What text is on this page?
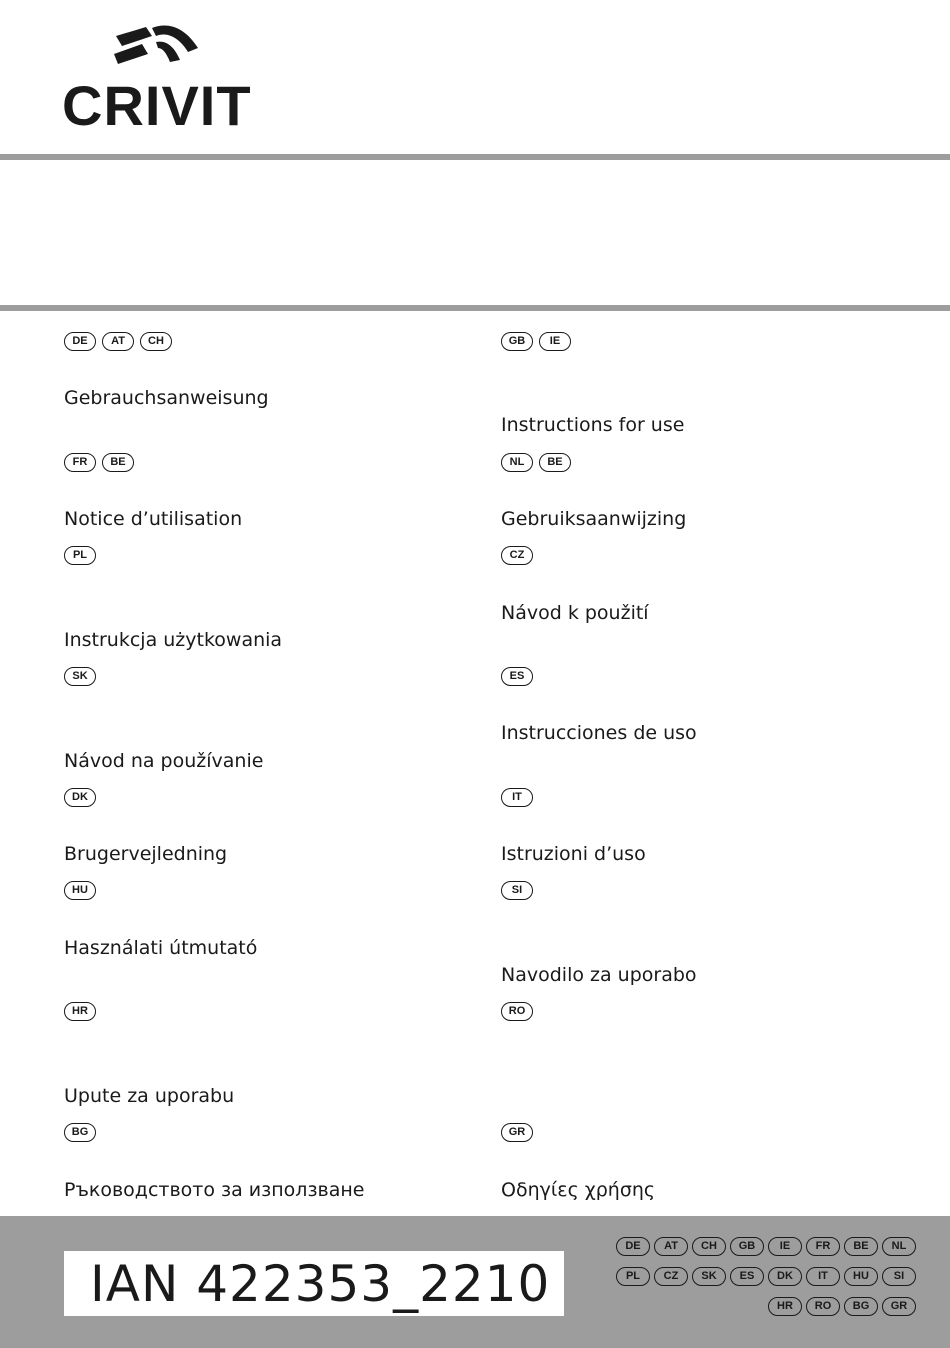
CRIVIT
DE	AT	CH
Gebrauchsanweisung
GB	IE
Instructions for use
FR	BE
Notice d’utilisation
NL	BE
Gebruiksaanwijzing
PL
Instrukcja użytkowania
CZ
Návod k použití
SK
Návod na používanie
ES
Instrucciones de uso
DK
Brugervejledning
IT
Istruzioni d’uso
HU
Használati útmutató
SI
Navodilo za uporabo
HR
Upute za uporabu
RO
BG
Ръководството за използване
GR
Οδηγίες χρήσης
IAN 422353_2210
DE	AT	CH	GB	IE	FR	BE	NL
PL	CZ	SK	ES	DK	IT	HU	SI
HR	RO	BG	GR
